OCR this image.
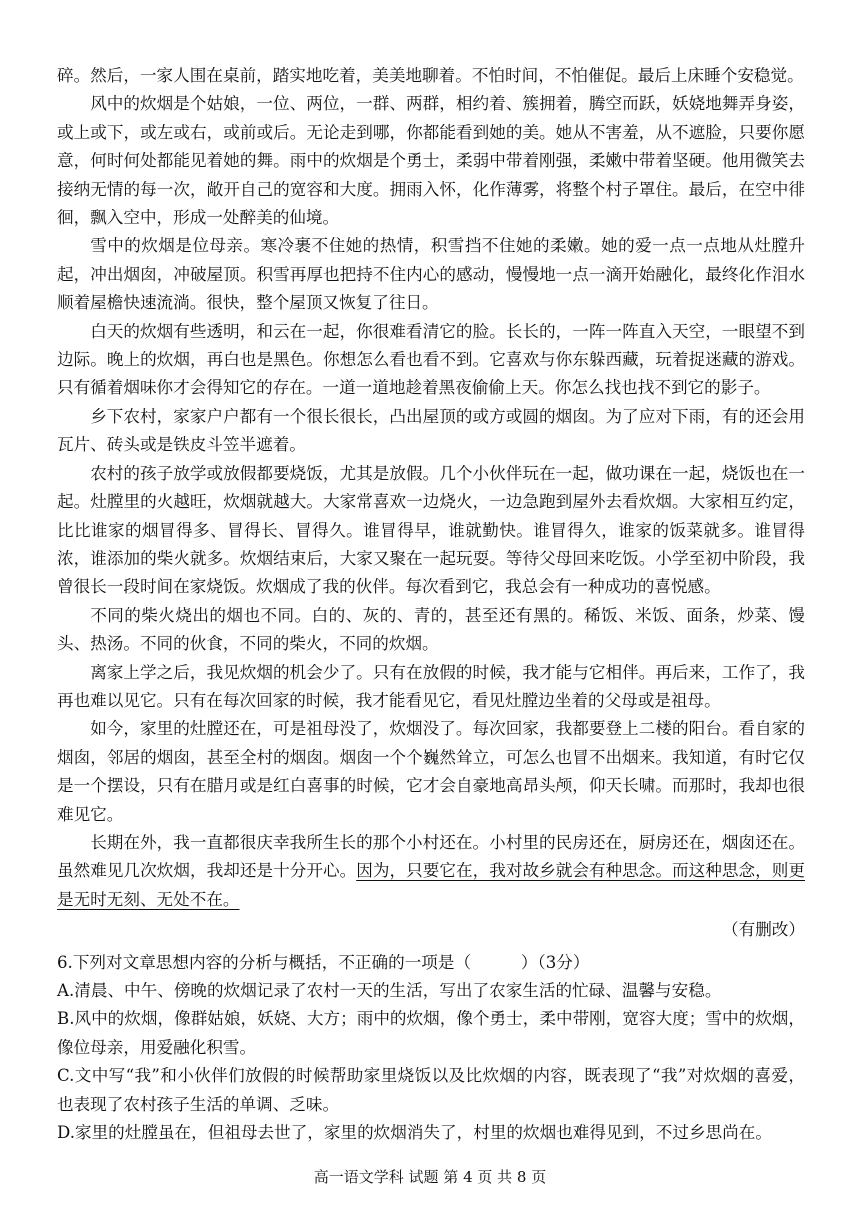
碎。然后，一家人围在桌前，踏实地吃着，美美地聊着。不怕时间，不怕催促。最后上床睡个安稳觉。

风中的炊烟是个姑娘，一位、两位，一群、两群，相约着、簇拥着，腾空而跃，妖娆地舞弄身姿，或上或下，或左或右，或前或后。无论走到哪，你都能看到她的美。她从不害羞，从不遮脸，只要你愿意，何时何处都能见着她的舞。雨中的炊烟是个勇士，柔弱中带着刚强，柔嫩中带着坚硬。他用微笑去接纳无情的每一次，敞开自己的宽容和大度。拥雨入怀，化作薄雾，将整个村子罩住。最后，在空中徘徊，飘入空中，形成一处醉美的仙境。

雪中的炊烟是位母亲。寒冷裹不住她的热情，积雪挡不住她的柔嫩。她的爱一点一点地从灶膛升起，冲出烟囱，冲破屋顶。积雪再厚也把持不住内心的感动，慢慢地一点一滴开始融化，最终化作泪水顺着屋檐快速流淌。很快，整个屋顶又恢复了往日。

白天的炊烟有些透明，和云在一起，你很难看清它的脸。长长的，一阵一阵直入天空，一眼望不到边际。晚上的炊烟，再白也是黑色。你想怎么看也看不到。它喜欢与你东躲西藏，玩着捉迷藏的游戏。只有循着烟味你才会得知它的存在。一道一道地趁着黑夜偷偷上天。你怎么找也找不到它的影子。

乡下农村，家家户户都有一个很长很长，凸出屋顶的或方或圆的烟囱。为了应对下雨，有的还会用瓦片、砖头或是铁皮斗笠半遮着。

农村的孩子放学或放假都要烧饭，尤其是放假。几个小伙伴玩在一起，做功课在一起，烧饭也在一起。灶膛里的火越旺，炊烟就越大。大家常喜欢一边烧火，一边急跑到屋外去看炊烟。大家相互约定，比比谁家的烟冒得多、冒得长、冒得久。谁冒得早，谁就勤快。谁冒得久，谁家的饭菜就多。谁冒得浓，谁添加的柴火就多。炊烟结束后，大家又聚在一起玩耍。等待父母回来吃饭。小学至初中阶段，我曾很长一段时间在家烧饭。炊烟成了我的伙伴。每次看到它，我总会有一种成功的喜悦感。

不同的柴火烧出的烟也不同。白的、灰的、青的，甚至还有黑的。稀饭、米饭、面条，炒菜、馒头、热汤。不同的伙食，不同的柴火，不同的炊烟。

离家上学之后，我见炊烟的机会少了。只有在放假的时候，我才能与它相伴。再后来，工作了，我再也难以见它。只有在每次回家的时候，我才能看见它，看见灶膛边坐着的父母或是祖母。

如今，家里的灶膛还在，可是祖母没了，炊烟没了。每次回家，我都要登上二楼的阳台。看自家的烟囱，邻居的烟囱，甚至全村的烟囱。烟囱一个个巍然耸立，可怎么也冒不出烟来。我知道，有时它仅是一个摆设，只有在腊月或是红白喜事的时候，它才会自豪地高昂头颅，仰天长啸。而那时，我却也很难见它。

长期在外，我一直都很庆幸我所生长的那个小村还在。小村里的民房还在，厨房还在，烟囱还在。虽然难见几次炊烟，我却还是十分开心。因为，只要它在，我对故乡就会有种思念。而这种思念，则更是无时无刻、无处不在。

（有删改）

6.下列对文章思想内容的分析与概括，不正确的一项是（　　　）（3分）

A.清晨、中午、傍晚的炊烟记录了农村一天的生活，写出了农家生活的忙碌、温馨与安稳。

B.风中的炊烟，像群姑娘，妖娆、大方；雨中的炊烟，像个勇士，柔中带刚，宽容大度；雪中的炊烟，像位母亲，用爱融化积雪。

C.文中写“我”和小伙伴们放假的时候帮助家里烧饭以及比炊烟的内容，既表现了“我”对炊烟的喜爱，也表现了农村孩子生活的单调、乏味。

D.家里的灶膛虽在，但祖母去世了，家里的炊烟消失了，村里的炊烟也难得见到，不过乡思尚在。

高一语文学科 试题 第 4 页 共 8 页
